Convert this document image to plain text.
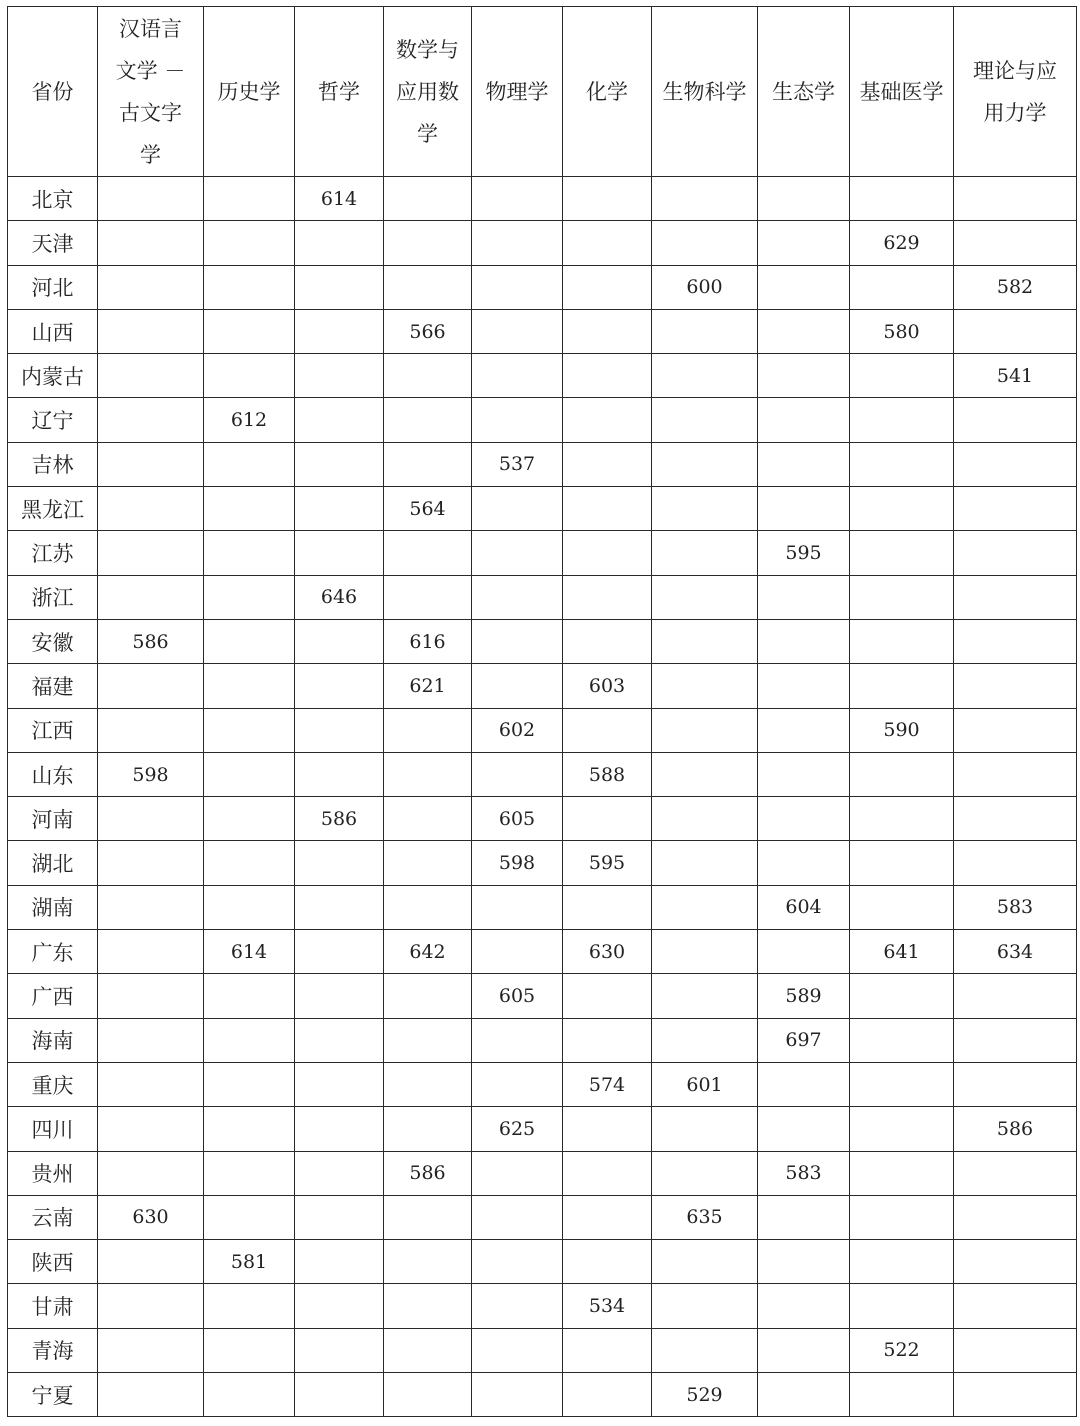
省份	汉语言
文学 －
古文字
学	历史学	哲学	数学与
应用数
学	物理学	化学	生物科学	生态学	基础医学	理论与应
用力学
北京			614							
天津									629	
河北							600			582
山西				566					580	
内蒙古										541
辽宁		612								
吉林					537					
黑龙江				564						
江苏								595		
浙江			646							
安徽	586			616						
福建				621		603				
江西					602				590	
山东	598					588				
河南			586		605					
湖北					598	595				
湖南								604		583
广东		614		642		630			641	634
广西					605			589		
海南								697		
重庆						574	601			
四川					625					586
贵州				586				583		
云南	630						635			
陕西		581								
甘肃						534				
青海									522	
宁夏							529			
